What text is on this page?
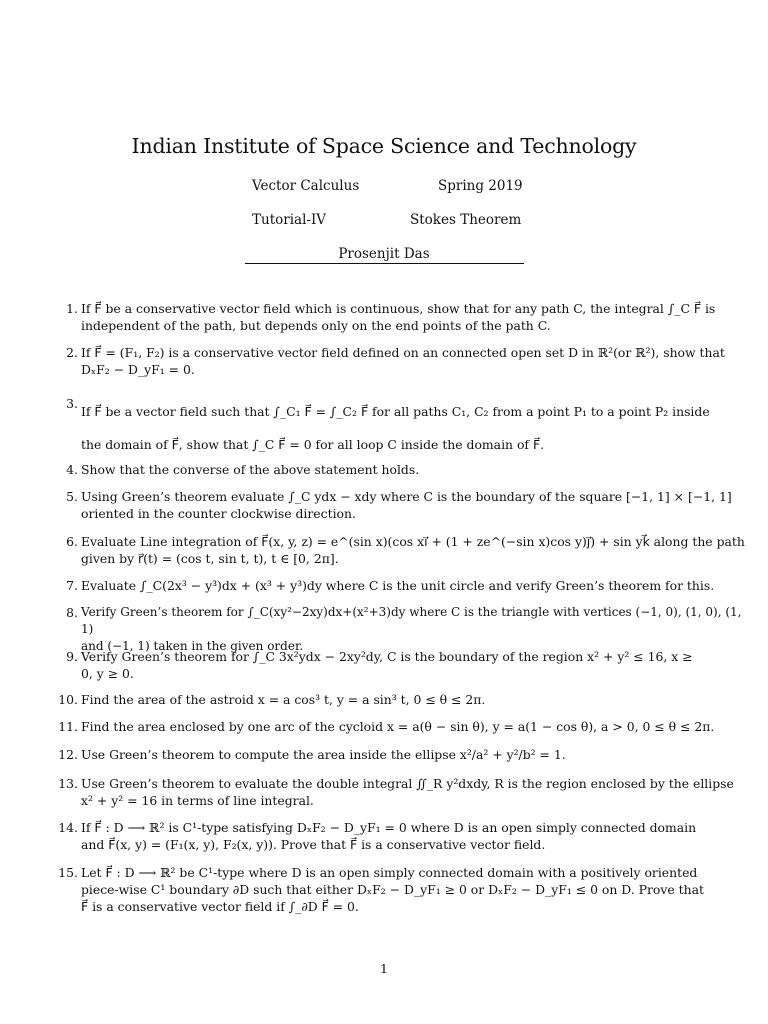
Indian Institute of Space Science and Technology
Vector Calculus	Spring 2019
Tutorial-IV	Stokes Theorem
Prosenjit Das
1. If F⃗ be a conservative vector field which is continuous, show that for any path C, the integral ∫_C F⃗ is
independent of the path, but depends only on the end points of the path C.
2. If F⃗ = (F₁, F₂) is a conservative vector field defined on an connected open set D in ℝ²(or ℝ²), show that
DₓF₂ − D_yF₁ = 0.
3.
If F⃗ be a vector field such that ∫_C₁ F⃗ = ∫_C₂ F⃗ for all paths C₁, C₂ from a point P₁ to a point P₂ inside
the domain of F⃗, show that ∫_C F⃗ = 0 for all loop C inside the domain of F⃗.
4. Show that the converse of the above statement holds.
5. Using Green’s theorem evaluate ∫_C ydx − xdy where C is the boundary of the square [−1, 1] × [−1, 1]
oriented in the counter clockwise direction.
6. Evaluate Line integration of F⃗(x, y, z) = e^(sin x)(cos xi⃗ + (1 + ze^(−sin x)cos y)j⃗) + sin yk⃗ along the path
given by r⃗(t) = (cos t, sin t, t), t ∈ [0, 2π].
7. Evaluate ∫_C(2x³ − y³)dx + (x³ + y³)dy where C is the unit circle and verify Green’s theorem for this.
8. Verify Green’s theorem for ∫_C(xy²−2xy)dx+(x²+3)dy where C is the triangle with vertices (−1, 0), (1, 0), (1, 1)
and (−1, 1) taken in the given order.
9. Verify Green’s theorem for ∫_C 3x²ydx − 2xy²dy, C is the boundary of the region x² + y² ≤ 16, x ≥
0, y ≥ 0.
10. Find the area of the astroid x = a cos³ t, y = a sin³ t, 0 ≤ θ ≤ 2π.
11. Find the area enclosed by one arc of the cycloid x = a(θ − sin θ), y = a(1 − cos θ), a > 0, 0 ≤ θ ≤ 2π.
12. Use Green’s theorem to compute the area inside the ellipse x²/a² + y²/b² = 1.
13. Use Green’s theorem to evaluate the double integral ∬_R y²dxdy, R is the region enclosed by the ellipse
x² + y² = 16 in terms of line integral.
14. If F⃗ : D ⟶ ℝ² is C¹-type satisfying DₓF₂ − D_yF₁ = 0 where D is an open simply connected domain
and F⃗(x, y) = (F₁(x, y), F₂(x, y)). Prove that F⃗ is a conservative vector field.
15. Let F⃗ : D ⟶ ℝ² be C¹-type where D is an open simply connected domain with a positively oriented
piece-wise C¹ boundary ∂D such that either DₓF₂ − D_yF₁ ≥ 0 or DₓF₂ − D_yF₁ ≤ 0 on D. Prove that
F⃗ is a conservative vector field if ∫_∂D F⃗ = 0.
1
